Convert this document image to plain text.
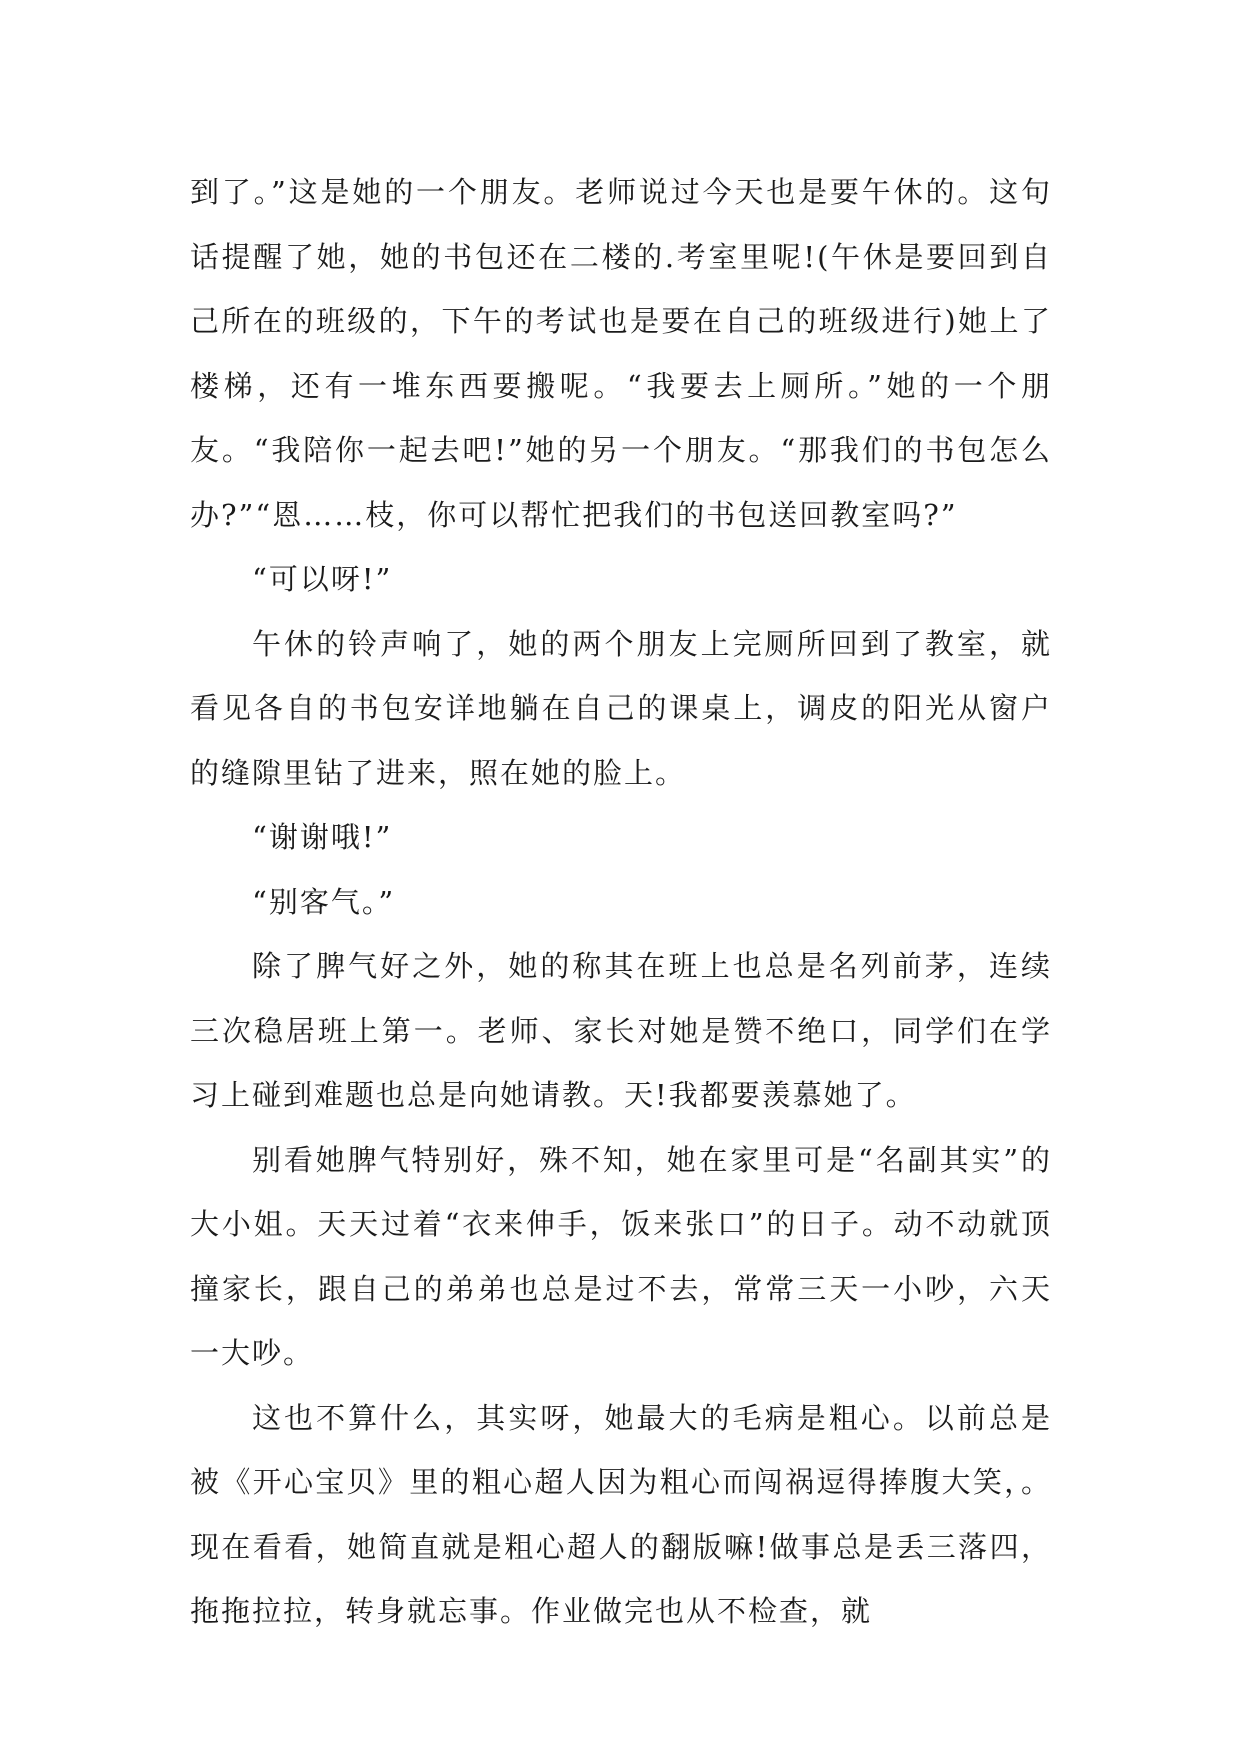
到了。”这是她的一个朋友。老师说过今天也是要午休的。这句话提醒了她，她的书包还在二楼的.考室里呢!(午休是要回到自己所在的班级的，下午的考试也是要在自己的班级进行)她上了楼梯，还有一堆东西要搬呢。“我要去上厕所。”她的一个朋友。“我陪你一起去吧!”她的另一个朋友。“那我们的书包怎么办?”“恩……枝，你可以帮忙把我们的书包送回教室吗?”

“可以呀!”

午休的铃声响了，她的两个朋友上完厕所回到了教室，就看见各自的书包安详地躺在自己的课桌上，调皮的阳光从窗户的缝隙里钻了进来，照在她的脸上。

“谢谢哦!”

“别客气。”

除了脾气好之外，她的称其在班上也总是名列前茅，连续三次稳居班上第一。老师、家长对她是赞不绝口，同学们在学习上碰到难题也总是向她请教。天!我都要羡慕她了。

别看她脾气特别好，殊不知，她在家里可是“名副其实”的大小姐。天天过着“衣来伸手，饭来张口”的日子。动不动就顶撞家长，跟自己的弟弟也总是过不去，常常三天一小吵，六天一大吵。

这也不算什么，其实呀，她最大的毛病是粗心。以前总是被《开心宝贝》里的粗心超人因为粗心而闯祸逗得捧腹大笑，。现在看看，她简直就是粗心超人的翻版嘛!做事总是丢三落四，拖拖拉拉，转身就忘事。作业做完也从不检查，就
